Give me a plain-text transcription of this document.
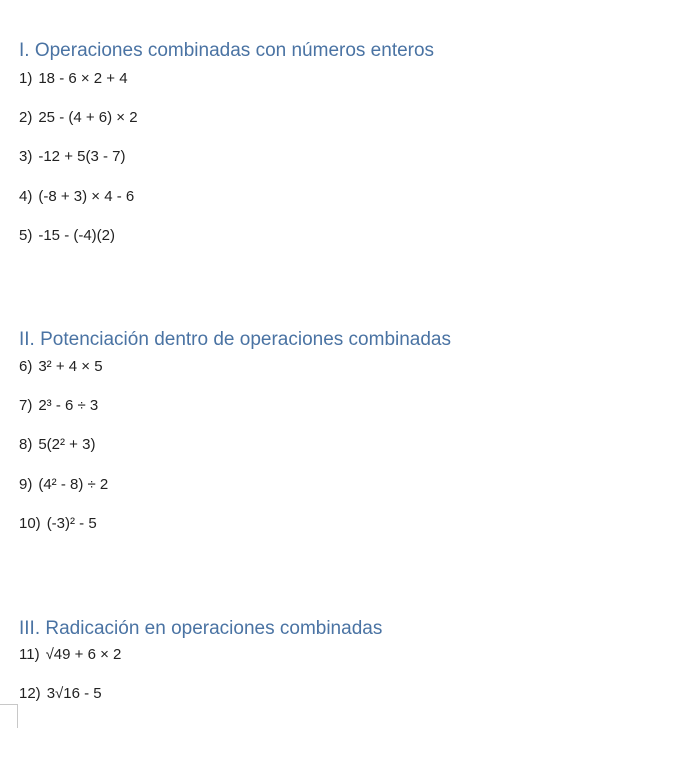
I. Operaciones combinadas con números enteros
1) 18 - 6 × 2 + 4
2) 25 - (4 + 6) × 2
3) -12 + 5(3 - 7)
4) (-8 + 3) × 4 - 6
5) -15 - (-4)(2)
II. Potenciación dentro de operaciones combinadas
6) 3² + 4 × 5
7) 2³ - 6 ÷ 3
8) 5(2² + 3)
9) (4² - 8) ÷ 2
10) (-3)² - 5
III. Radicación en operaciones combinadas
11) √49 + 6 × 2
12) 3√16 - 5
